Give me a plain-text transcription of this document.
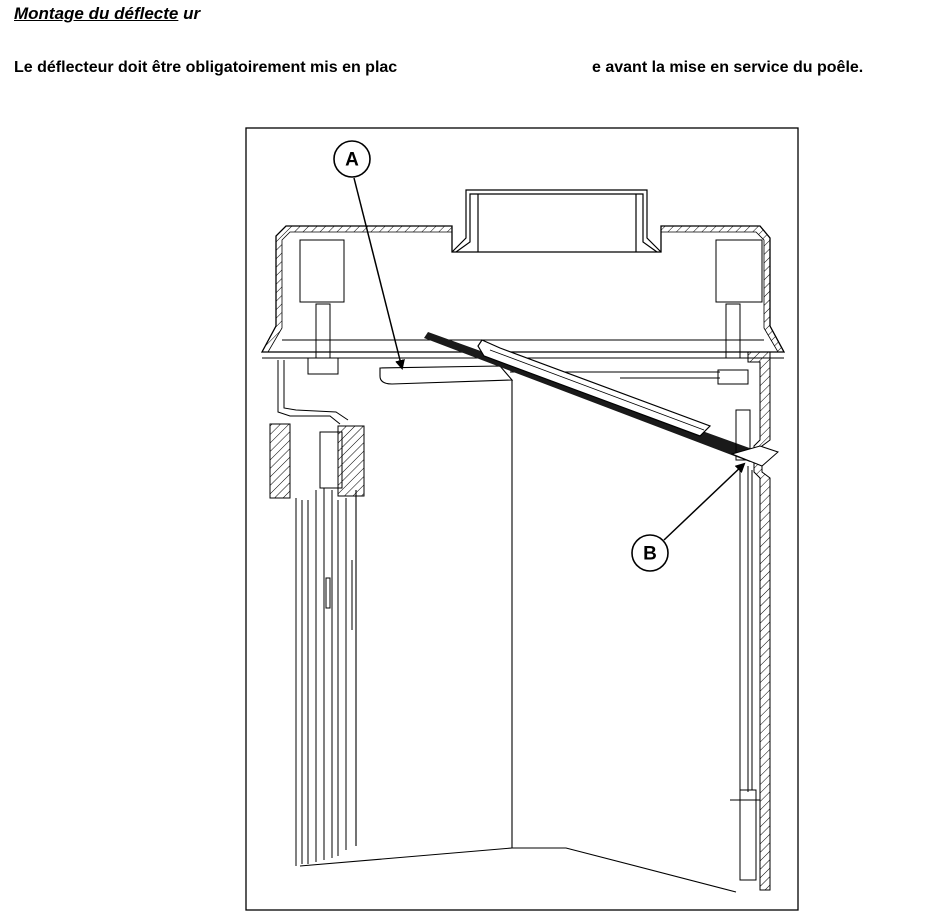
Montage du déflecte ur
Le déflecteur doit être obligatoirement mis en plac	e avant la mise en service du poêle.
A
B
